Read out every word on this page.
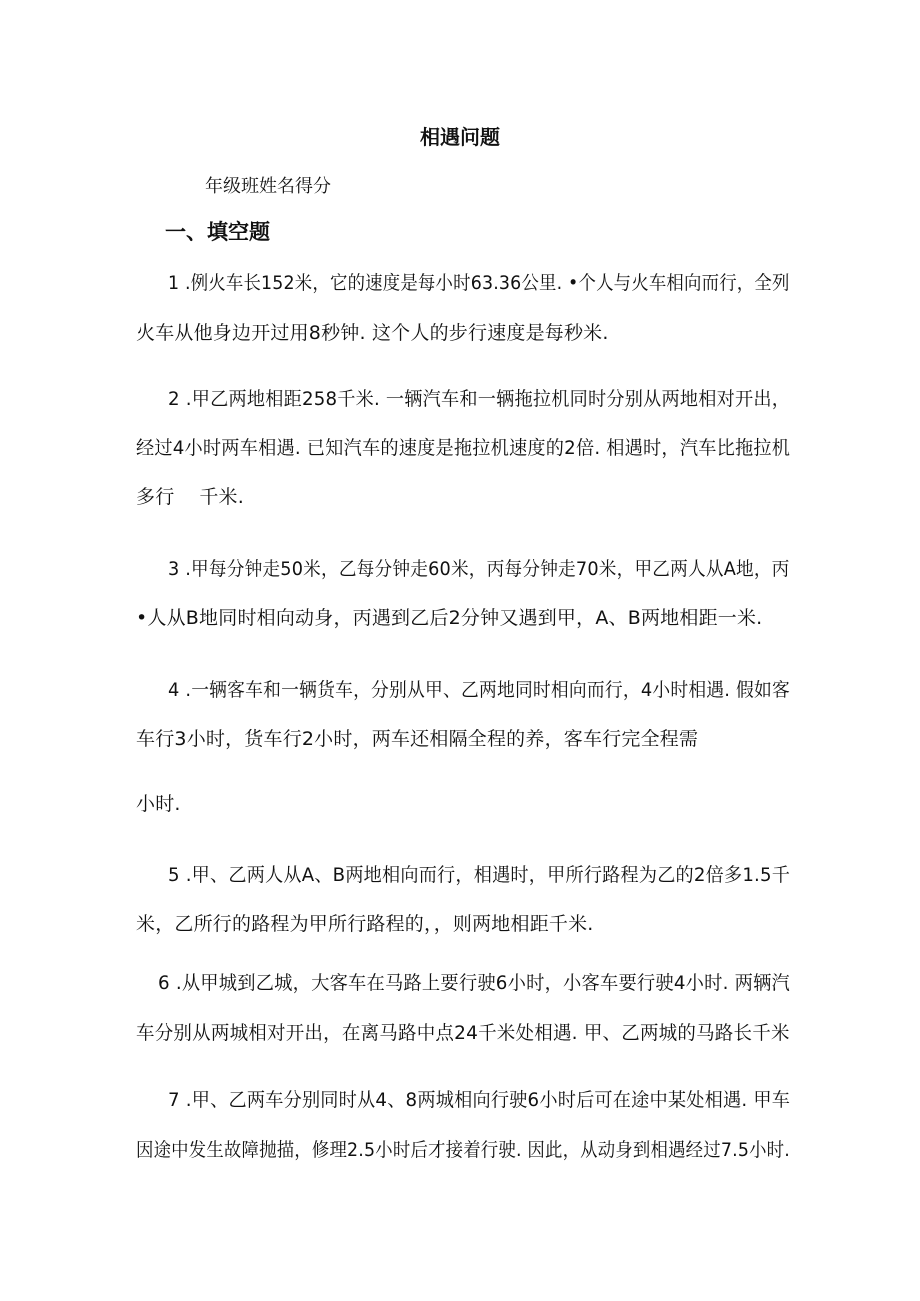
相遇问题
年级班姓名得分
一、填空题
1 .例火车长152米，它的速度是每小时63.36公里. •个人与火车相向而行，全列
火车从他身边开过用8秒钟. 这个人的步行速度是每秒米.
2 .甲乙两地相距258千米. 一辆汽车和一辆拖拉机同时分别从两地相对开出，
经过4小时两车相遇. 已知汽车的速度是拖拉机速度的2倍. 相遇时，汽车比拖拉机
多行    千米.
3 .甲每分钟走50米，乙每分钟走60米，丙每分钟走70米，甲乙两人从A地，丙
•人从B地同时相向动身，丙遇到乙后2分钟又遇到甲，A、B两地相距一米.
4 .一辆客车和一辆货车，分别从甲、乙两地同时相向而行，4小时相遇. 假如客
车行3小时，货车行2小时，两车还相隔全程的养，客车行完全程需
小时.
5 .甲、乙两人从A、B两地相向而行，相遇时，甲所行路程为乙的2倍多1.5千
米，乙所行的路程为甲所行路程的，，则两地相距千米.
6 .从甲城到乙城，大客车在马路上要行驶6小时，小客车要行驶4小时. 两辆汽
车分别从两城相对开出，在离马路中点24千米处相遇. 甲、乙两城的马路长千米
7 .甲、乙两车分别同时从4、8两城相向行驶6小时后可在途中某处相遇. 甲车
因途中发生故障抛描，修理2.5小时后才接着行驶. 因此，从动身到相遇经过7.5小时.
